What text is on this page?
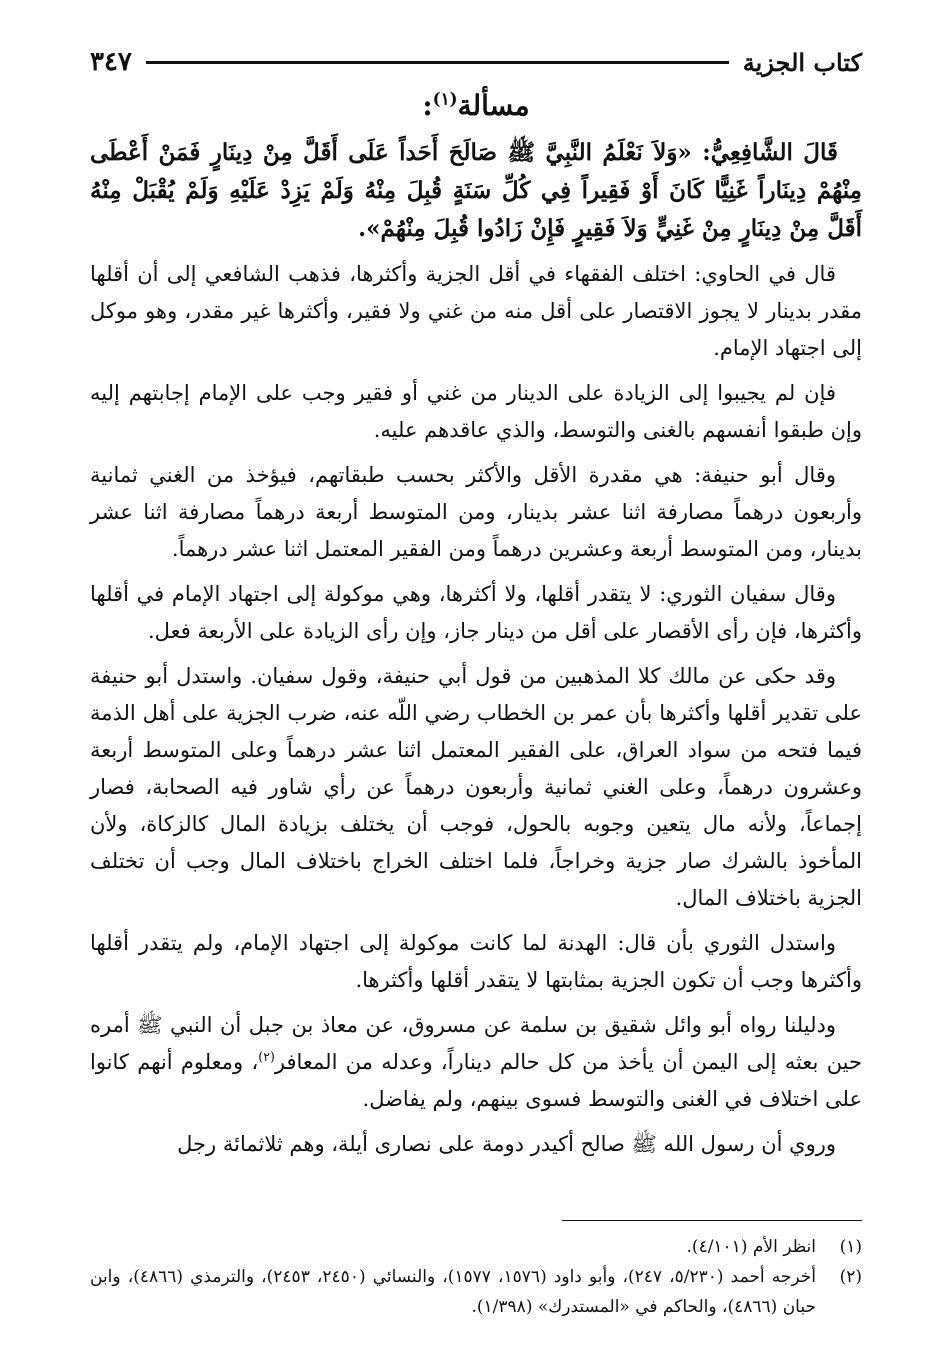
كتاب الجزية
٣٤٧
مسألة$^{(١)}$:

قَالَ الشَّافِعِيُّ: «وَلاَ نَعْلَمُ النَّبِيَّ ﷺ صَالَحَ أَحَداً عَلَى أَقَلَّ مِنْ دِينَارٍ فَمَنْ أَعْطَى مِنْهُمْ دِينَاراً غَنِيًّا كَانَ أَوْ فَقِيراً فِي كُلِّ سَنَةٍ قُبِلَ مِنْهُ وَلَمْ يَزِدْ عَلَيْهِ وَلَمْ يُقْبَلْ مِنْهُ أَقَلَّ مِنْ دِينَارٍ مِنْ غَنِيٍّ وَلاَ فَقِيرٍ فَإِنْ زَادُوا قُبِلَ مِنْهُمْ».

قال في الحاوي: اختلف الفقهاء في أقل الجزية وأكثرها، فذهب الشافعي إلى أن أقلها مقدر بدينار لا يجوز الاقتصار على أقل منه من غني ولا فقير، وأكثرها غير مقدر، وهو موكل إلى اجتهاد الإمام.

فإن لم يجيبوا إلى الزيادة على الدينار من غني أو فقير وجب على الإمام إجابتهم إليه وإن طبقوا أنفسهم بالغنى والتوسط، والذي عاقدهم عليه.

وقال أبو حنيفة: هي مقدرة الأقل والأكثر بحسب طبقاتهم، فيؤخذ من الغني ثمانية وأربعون درهماً مصارفة اثنا عشر بدينار، ومن المتوسط أربعة درهماً مصارفة اثنا عشر بدينار، ومن المتوسط أربعة وعشرين درهماً ومن الفقير المعتمل اثنا عشر درهماً.

وقال سفيان الثوري: لا يتقدر أقلها، ولا أكثرها، وهي موكولة إلى اجتهاد الإمام في أقلها وأكثرها، فإن رأى الأقصار على أقل من دينار جاز، وإن رأى الزيادة على الأربعة فعل.

وقد حكى عن مالك كلا المذهبين من قول أبي حنيفة، وقول سفيان. واستدل أبو حنيفة على تقدير أقلها وأكثرها بأن عمر بن الخطاب رضي اللّه عنه، ضرب الجزية على أهل الذمة فيما فتحه من سواد العراق، على الفقير المعتمل اثنا عشر درهماً وعلى المتوسط أربعة وعشرون درهماً، وعلى الغني ثمانية وأربعون درهماً عن رأي شاور فيه الصحابة، فصار إجماعاً، ولأنه مال يتعين وجوبه بالحول، فوجب أن يختلف بزيادة المال كالزكاة، ولأن المأخوذ بالشرك صار جزية وخراجاً، فلما اختلف الخراج باختلاف المال وجب أن تختلف الجزية باختلاف المال.

واستدل الثوري بأن قال: الهدنة لما كانت موكولة إلى اجتهاد الإمام، ولم يتقدر أقلها وأكثرها وجب أن تكون الجزية بمثابتها لا يتقدر أقلها وأكثرها.

ودليلنا رواه أبو وائل شقيق بن سلمة عن مسروق، عن معاذ بن جبل أن النبي ﷺ أمره حين بعثه إلى اليمن أن يأخذ من كل حالم ديناراً، وعدله من المعافر$^{(٢)}$، ومعلوم أنهم كانوا على اختلاف في الغنى والتوسط فسوى بينهم، ولم يفاضل.

وروي أن رسول الله ﷺ صالح أكيدر دومة على نصارى أيلة، وهم ثلاثمائة رجل

(١)
انظر الأم (٤/١٠١).
(٢)
أخرجه أحمد (٥/٢٣٠، ٢٤٧)، وأبو داود (١٥٧٦، ١٥٧٧)، والنسائي (٢٤٥٠، ٢٤٥٣)، والترمذي (٤٨٦٦)، وابن حبان (٤٨٦٦)، والحاكم في «المستدرك» (١/٣٩٨).
